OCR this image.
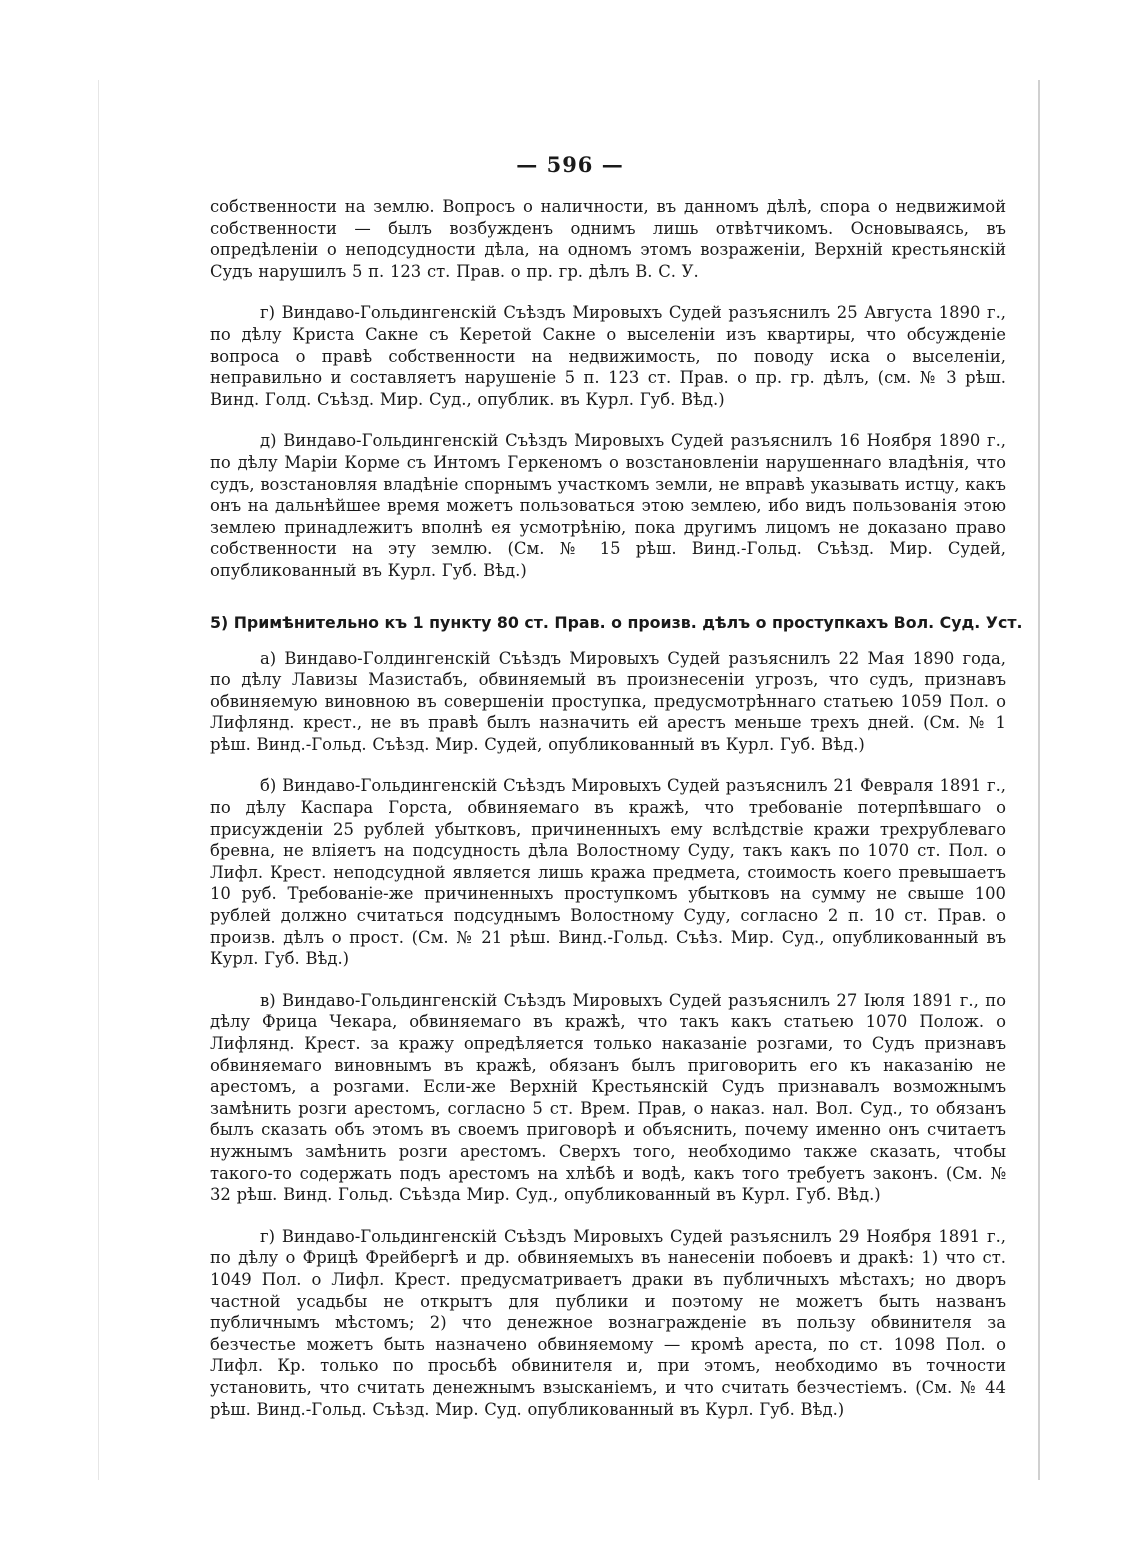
— 596 —

собственности на землю. Вопросъ о наличности, въ данномъ дѣлѣ, спора о недвижимой собственности — былъ возбужденъ однимъ лишь отвѣтчикомъ. Основываясь, въ опредѣленіи о неподсудности дѣла, на одномъ этомъ возраженіи, Верхній крестьянскій Судъ нарушилъ 5 п. 123 ст. Прав. о пр. гр. дѣлъ В. С. У.

г) Виндаво-Гольдингенскій Съѣздъ Мировыхъ Судей разъяснилъ 25 Августа 1890 г., по дѣлу Криста Сакне съ Керетой Сакне о выселеніи изъ квартиры, что обсужденіе вопроса о правѣ собственности на недвижимость, по поводу иска о выселеніи, неправильно и составляетъ нарушеніе 5 п. 123 ст. Прав. о пр. гр. дѣлъ, (см. № 3 рѣш. Винд. Голд. Съѣзд. Мир. Суд., опублик. въ Курл. Губ. Вѣд.)

д) Виндаво-Гольдингенскій Съѣздъ Мировыхъ Судей разъяснилъ 16 Ноября 1890 г., по дѣлу Маріи Корме съ Интомъ Геркеномъ о возстановленіи нарушеннаго владѣнія, что судъ, возстановляя владѣніе спорнымъ участкомъ земли, не вправѣ указывать истцу, какъ онъ на дальнѣйшее время можетъ пользоваться этою землею, ибо видъ пользованія этою землею принадлежитъ вполнѣ ея усмотрѣнію, пока другимъ лицомъ не доказано право собственности на эту землю. (См. № 15 рѣш. Винд.-Гольд. Съѣзд. Мир. Судей, опубликованный въ Курл. Губ. Вѣд.)

5) Примѣнительно къ 1 пункту 80 ст. Прав. о произв. дѣлъ о проступкахъ Вол. Суд. Уст.

а) Виндаво-Голдингенскій Съѣздъ Мировыхъ Судей разъяснилъ 22 Мая 1890 года, по дѣлу Лавизы Мазистабъ, обвиняемый въ произнесеніи угрозъ, что судъ, признавъ обвиняемую виновною въ совершеніи проступка, предусмотрѣннаго статьею 1059 Пол. о Лифлянд. крест., не въ правѣ былъ назначить ей арестъ меньше трехъ дней. (См. № 1 рѣш. Винд.-Гольд. Съѣзд. Мир. Судей, опубликованный въ Курл. Губ. Вѣд.)

б) Виндаво-Гольдингенскій Съѣздъ Мировыхъ Судей разъяснилъ 21 Февраля 1891 г., по дѣлу Каспара Горста, обвиняемаго въ кражѣ, что требованіе потерпѣвшаго о присужденіи 25 рублей убытковъ, причиненныхъ ему вслѣдствіе кражи трехрублеваго бревна, не вліяетъ на подсудность дѣла Волостному Суду, такъ какъ по 1070 ст. Пол. о Лифл. Крест. неподсудной является лишь кража предмета, стоимость коего превышаетъ 10 руб. Требованіе-же причиненныхъ проступкомъ убытковъ на сумму не свыше 100 рублей должно считаться подсуднымъ Волостному Суду, согласно 2 п. 10 ст. Прав. о произв. дѣлъ о прост. (См. № 21 рѣш. Винд.-Гольд. Съѣз. Мир. Суд., опубликованный въ Курл. Губ. Вѣд.)

в) Виндаво-Гольдингенскій Съѣздъ Мировыхъ Судей разъяснилъ 27 Іюля 1891 г., по дѣлу Фрица Чекара, обвиняемаго въ кражѣ, что такъ какъ статьею 1070 Полож. о Лифлянд. Крест. за кражу опредѣляется только наказаніе розгами, то Судъ признавъ обвиняемаго виновнымъ въ кражѣ, обязанъ былъ приговорить его къ наказанію не арестомъ, а розгами. Если-же Верхній Крестьянскій Судъ признавалъ возможнымъ замѣнить розги арестомъ, согласно 5 ст. Врем. Прав, о наказ. нал. Вол. Суд., то обязанъ былъ сказать объ этомъ въ своемъ приговорѣ и объяснить, почему именно онъ считаетъ нужнымъ замѣнить розги арестомъ. Сверхъ того, необходимо также сказать, чтобы такого-то содержать подъ арестомъ на хлѣбѣ и водѣ, какъ того требуетъ законъ. (См. № 32 рѣш. Винд. Гольд. Съѣзда Мир. Суд., опубликованный въ Курл. Губ. Вѣд.)

г) Виндаво-Гольдингенскій Съѣздъ Мировыхъ Судей разъяснилъ 29 Ноября 1891 г., по дѣлу о Фрицѣ Фрейбергѣ и др. обвиняемыхъ въ нанесеніи побоевъ и дракѣ: 1) что ст. 1049 Пол. о Лифл. Крест. предусматриваетъ драки въ публичныхъ мѣстахъ; но дворъ частной усадьбы не открытъ для публики и поэтому не можетъ быть названъ публичнымъ мѣстомъ; 2) что денежное вознагражденіе въ пользу обвинителя за безчестье можетъ быть назначено обвиняемому — кромѣ ареста, по ст. 1098 Пол. о Лифл. Кр. только по просьбѣ обвинителя и, при этомъ, необходимо въ точности установить, что считать денежнымъ взысканіемъ, и что считать безчестіемъ. (См. № 44 рѣш. Винд.-Гольд. Съѣзд. Мир. Суд. опубликованный въ Курл. Губ. Вѣд.)
